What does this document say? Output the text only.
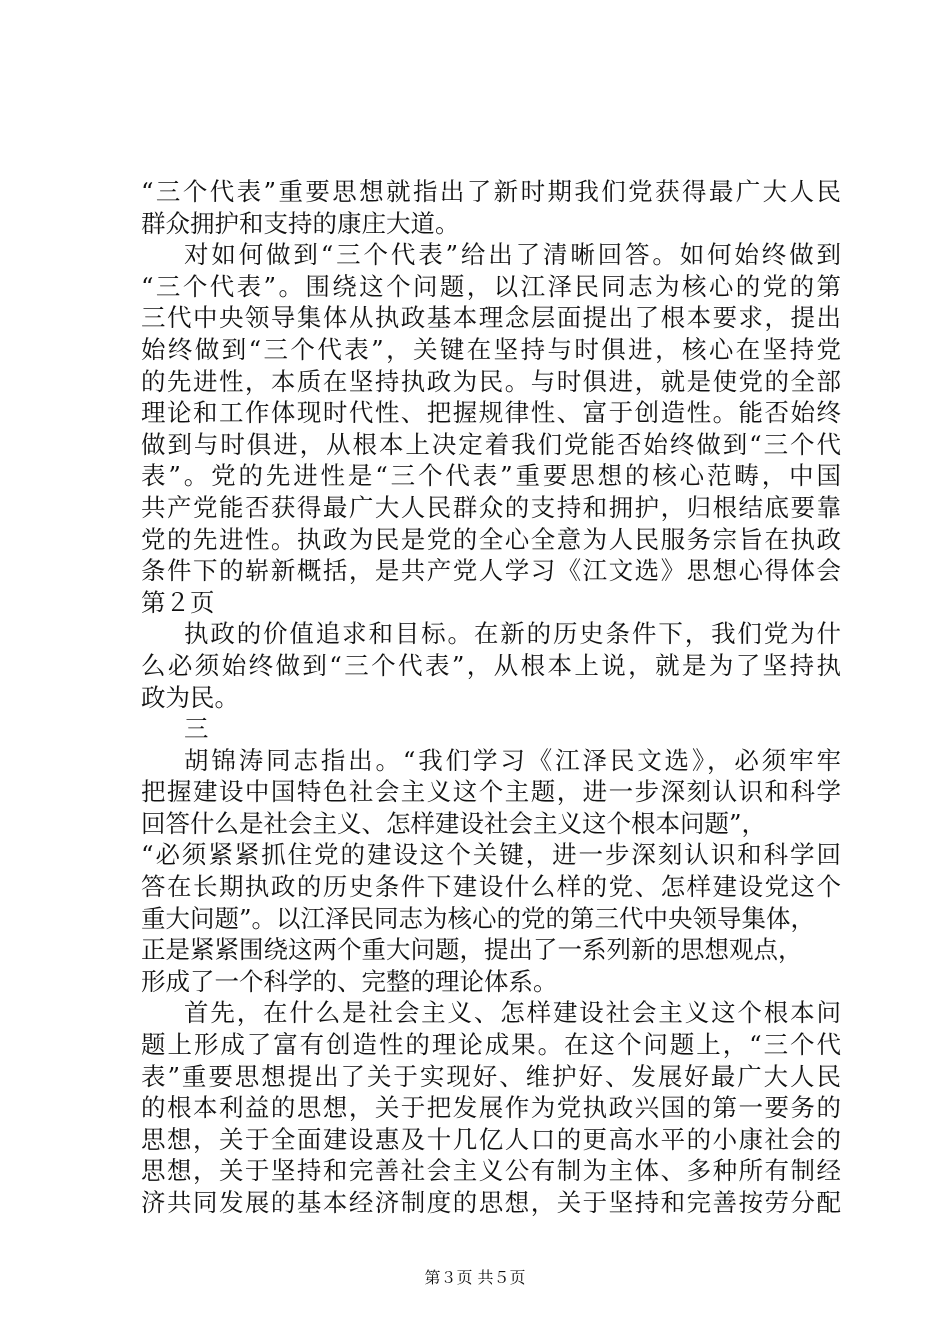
“三个代表”重要思想就指出了新时期我们党获得最广大人民
群众拥护和支持的康庄大道。
对如何做到“三个代表”给出了清晰回答。如何始终做到
“三个代表”。围绕这个问题，以江泽民同志为核心的党的第
三代中央领导集体从执政基本理念层面提出了根本要求，提出
始终做到“三个代表”，关键在坚持与时俱进，核心在坚持党
的先进性，本质在坚持执政为民。与时俱进，就是使党的全部
理论和工作体现时代性、把握规律性、富于创造性。能否始终
做到与时俱进，从根本上决定着我们党能否始终做到“三个代
表”。党的先进性是“三个代表”重要思想的核心范畴，中国
共产党能否获得最广大人民群众的支持和拥护，归根结底要靠
党的先进性。执政为民是党的全心全意为人民服务宗旨在执政
条件下的崭新概括，是共产党人学习《江文选》思想心得体会
第２页
执政的价值追求和目标。在新的历史条件下，我们党为什
么必须始终做到“三个代表”，从根本上说，就是为了坚持执
政为民。
三
胡锦涛同志指出。“我们学习《江泽民文选》，必须牢牢
把握建设中国特色社会主义这个主题，进一步深刻认识和科学
回答什么是社会主义、怎样建设社会主义这个根本问题”，
“必须紧紧抓住党的建设这个关键，进一步深刻认识和科学回
答在长期执政的历史条件下建设什么样的党、怎样建设党这个
重大问题”。以江泽民同志为核心的党的第三代中央领导集体，
正是紧紧围绕这两个重大问题，提出了一系列新的思想观点，
形成了一个科学的、完整的理论体系。
首先，在什么是社会主义、怎样建设社会主义这个根本问
题上形成了富有创造性的理论成果。在这个问题上，“三个代
表”重要思想提出了关于实现好、维护好、发展好最广大人民
的根本利益的思想，关于把发展作为党执政兴国的第一要务的
思想，关于全面建设惠及十几亿人口的更高水平的小康社会的
思想，关于坚持和完善社会主义公有制为主体、多种所有制经
济共同发展的基本经济制度的思想，关于坚持和完善按劳分配
第３页 共５页
